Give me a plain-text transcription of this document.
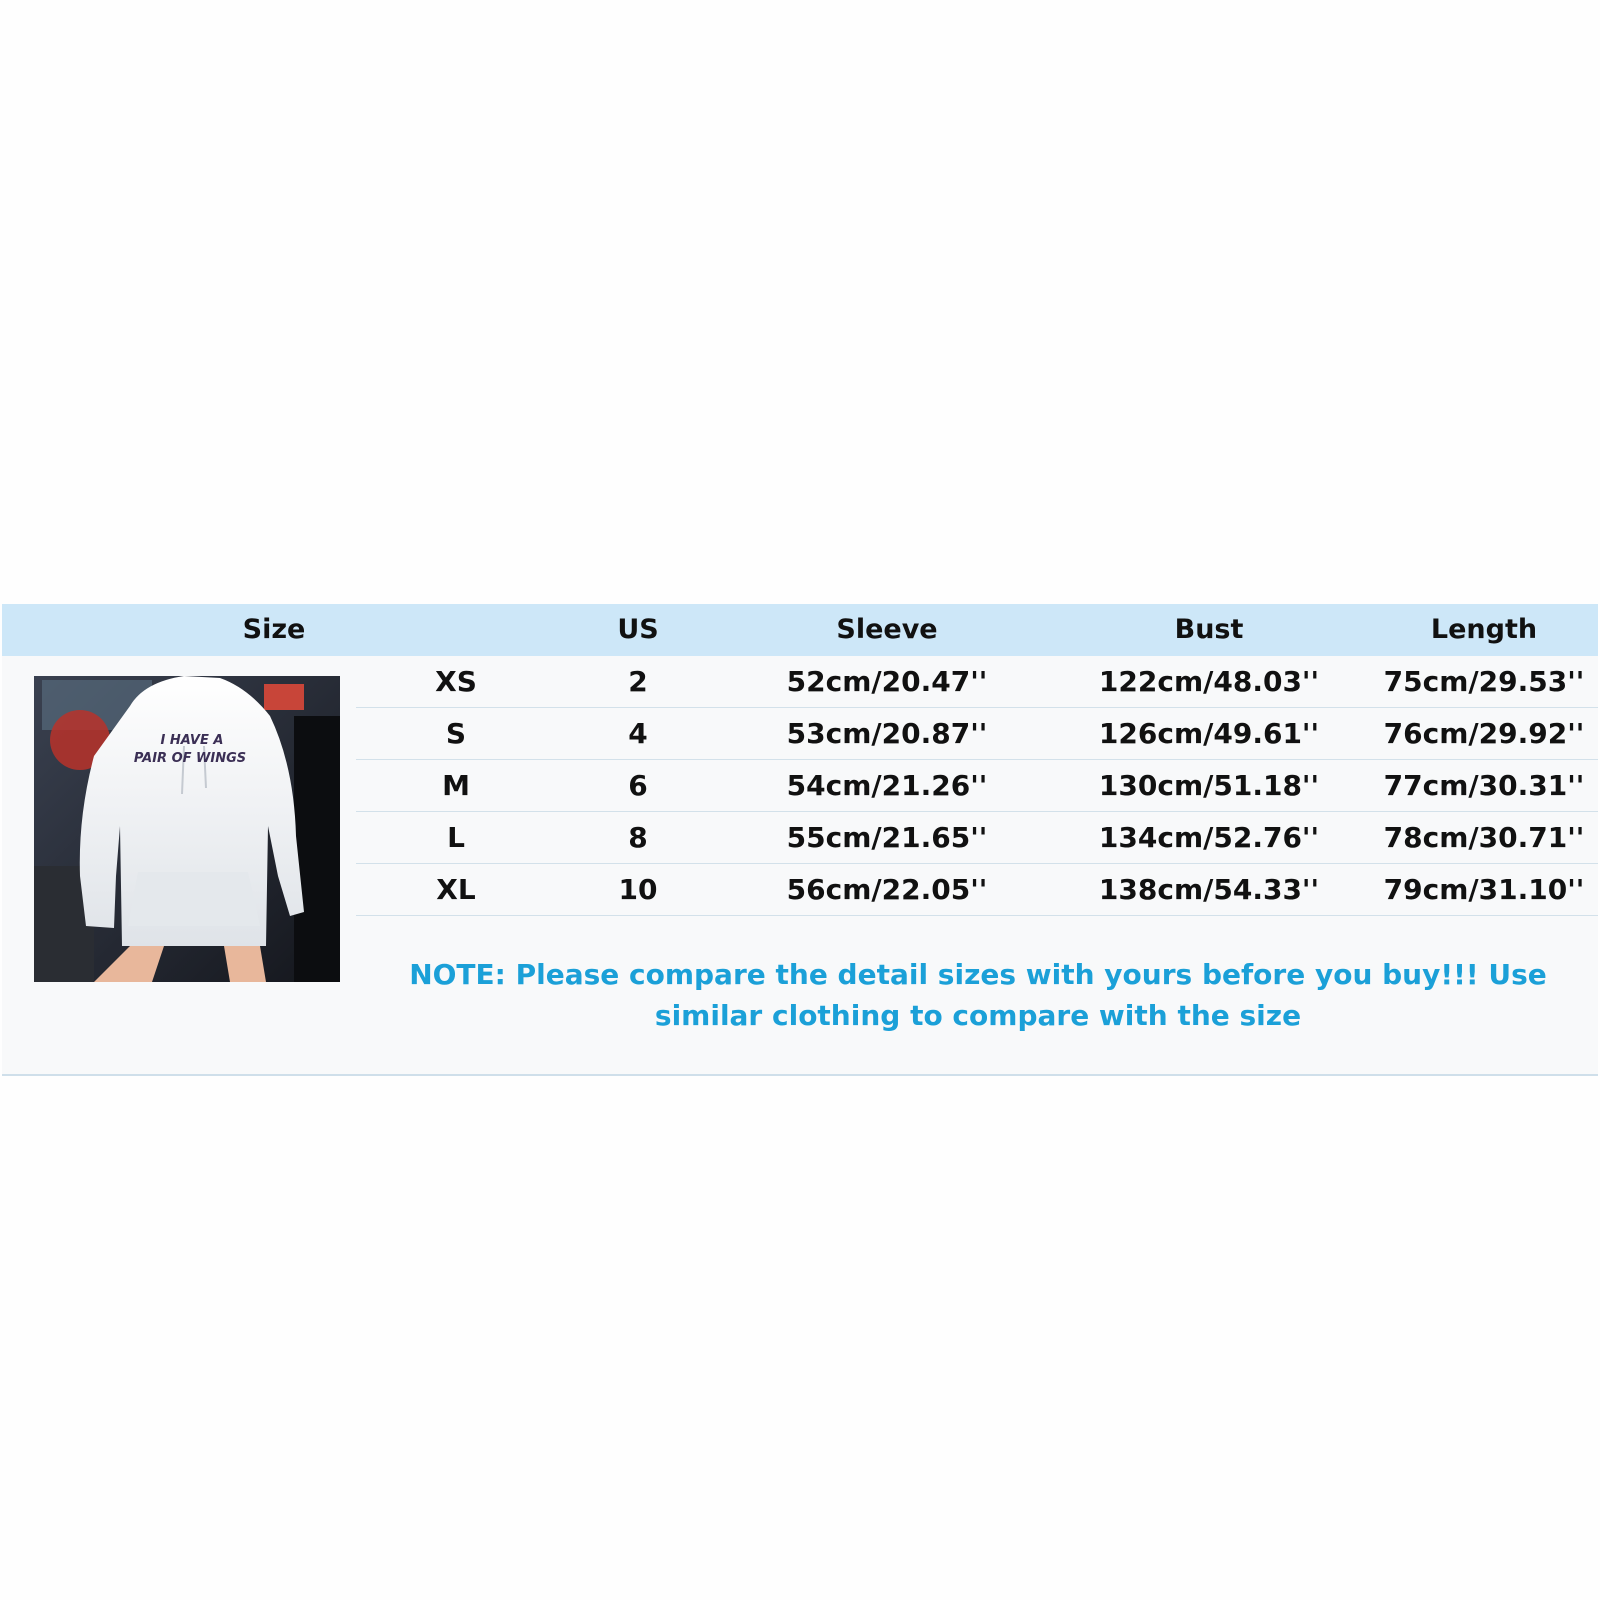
Size	US	Sleeve	Bust	Length
I HAVE A
PAIR OF WINGS
XS	2	52cm/20.47''	122cm/48.03'' 75cm/29.53''
S	4	53cm/20.87''	126cm/49.61'' 76cm/29.92''
M	6	54cm/21.26''	130cm/51.18'' 77cm/30.31''
L	8	55cm/21.65''	134cm/52.76'' 78cm/30.71''
XL	10	56cm/22.05''	138cm/54.33'' 79cm/31.10''
NOTE: Please compare the detail sizes with yours before you buy!!! Use similar clothing to compare with the size
